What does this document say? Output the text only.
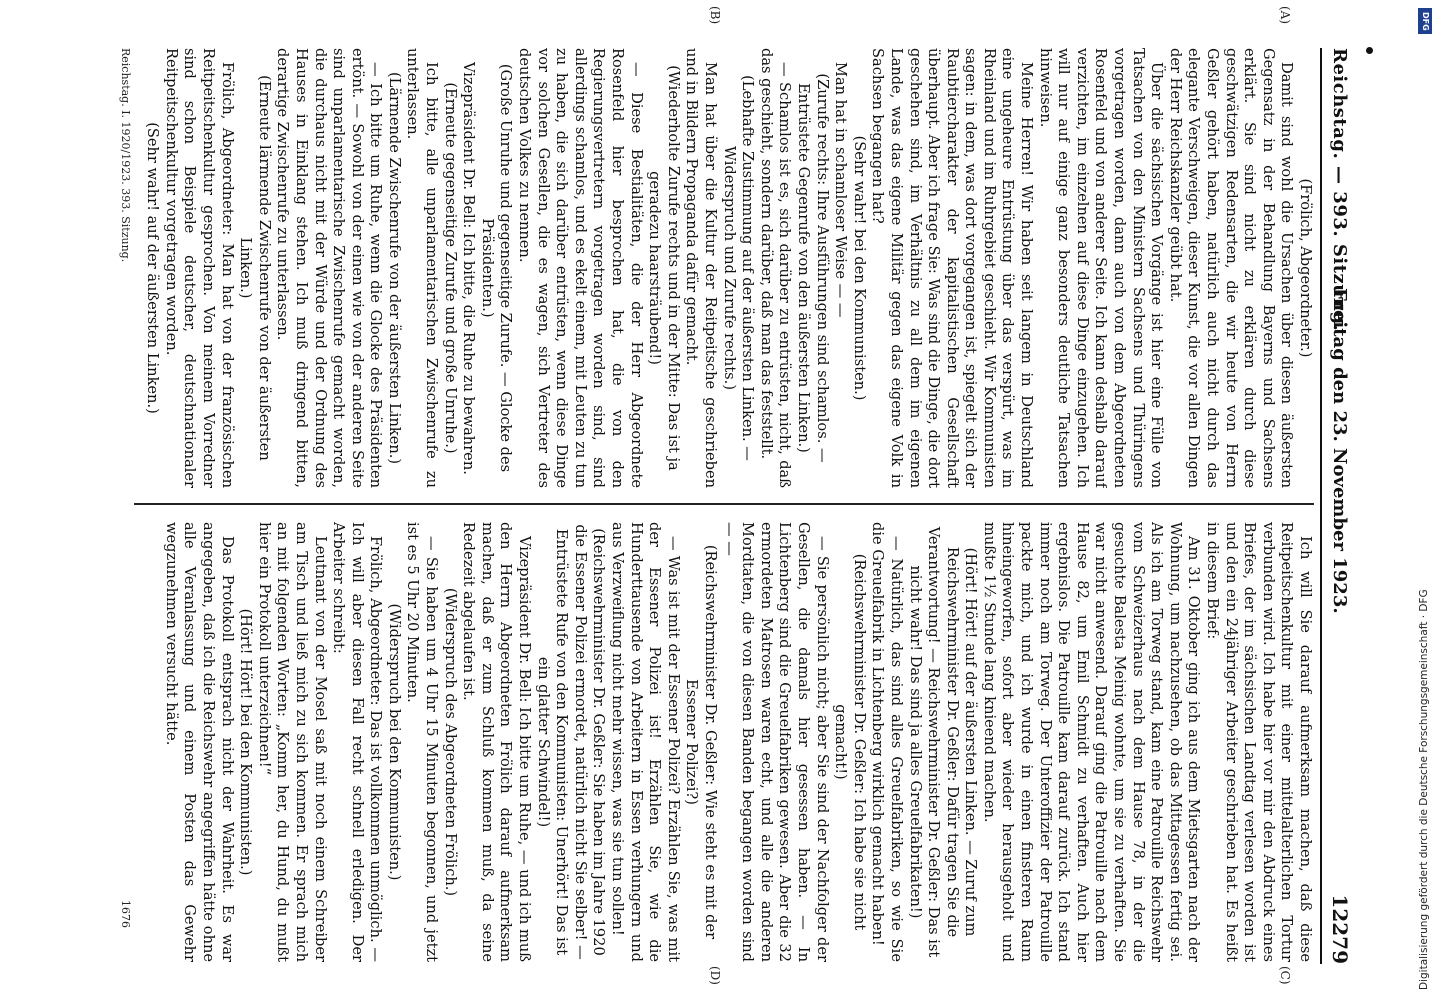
Reichstag. — 393. Sitzung.
Freitag den 23. November 1923.
12279
(A)
(B)
(C)
(D)

(Frölich, Abgeordneter.)

Damit sind wohl die Ursachen über diesen äußersten Gegensatz in der Behandlung Bayerns und Sachsens erklärt. Sie sind nicht zu erklären durch diese geschwätzigen Redensarten, die wir heute von Herrn Geßler gehört haben, natürlich auch nicht durch das elegante Verschweigen, dieser Kunst, die vor allen Dingen der Herr Reichskanzler geübt hat.

Über die sächsischen Vorgänge ist hier eine Fülle von Tatsachen von den Ministern Sachsens und Thüringens vorgetragen worden, dann auch von dem Abgeordneten Rosenfeld und von anderer Seite. Ich kann deshalb darauf verzichten, im einzelnen auf diese Dinge einzugehen. Ich will nur auf einige ganz besonders deutliche Tatsachen hinweisen.

Meine Herren! Wir haben seit langem in Deutschland eine ungeheure Entrüstung über das verspürt, was im Rheinland und im Ruhrgebiet geschieht. Wir Kommunisten sagen: in dem, was dort vorgegangen ist, spiegelt sich der Raubtiercharakter der kapitalistischen Gesellschaft überhaupt. Aber ich frage Sie: Was sind die Dinge, die dort geschehen sind, im Verhältnis zu all dem im eigenen Lande, was das eigene Militär gegen das eigene Volk in Sachsen begangen hat?

(Sehr wahr! bei den Kommunisten.)

Man hat in schamloser Weise — —

(Zurufe rechts: Ihre Ausführungen sind schamlos. — Entrüstete Gegenrufe von den äußersten Linken.)

— Schamlos ist es, sich darüber zu entrüsten, nicht, daß das geschieht, sondern darüber, daß man das feststellt.

(Lebhafte Zustimmung auf der äußersten Linken. — Widerspruch und Zurufe rechts.)

Man hat über die Kultur der Reitpeitsche geschrieben und in Bildern Propaganda dafür gemacht.

(Wiederholte Zurufe rechts und in der Mitte: Das ist ja geradezu haarsträubend!)

— Diese Bestialitäten, die der Herr Abgeordnete Rosenfeld hier besprochen hat, die von den Regierungsvertretern vorgetragen worden sind, sind allerdings schamlos, und es ekelt einem, mit Leuten zu tun zu haben, die sich darüber entrüsten, wenn diese Dinge vor solchen Gesellen, die es wagen, sich Vertreter des deutschen Volkes zu nennen.

(Große Unruhe und gegenseitige Zurufe. — Glocke des Präsidenten.)

Vizepräsident Dr. Bell: Ich bitte, die Ruhe zu bewahren.

(Erneute gegenseitige Zurufe und große Unruhe.)

Ich bitte, alle unparlamentarischen Zwischenrufe zu unterlassen.

(Lärmende Zwischenrufe von der äußersten Linken.)

— Ich bitte um Ruhe, wenn die Glocke des Präsidenten ertönt. — Sowohl von der einen wie von der anderen Seite sind unparlamentarische Zwischenrufe gemacht worden, die durchaus nicht mit der Würde und der Ordnung des Hauses in Einklang stehen. Ich muß dringend bitten, derartige Zwischenrufe zu unterlassen.

(Erneute lärmende Zwischenrufe von der äußersten Linken.)

Frölich, Abgeordneter: Man hat von der französischen Reitpeitschenkultur gesprochen. Von meinem Vorredner sind schon Beispiele deutscher, deutschnationaler Reitpeitschenkultur vorgetragen worden.

(Sehr wahr! auf der äußersten Linken.)

Ich will Sie darauf aufmerksam machen, daß diese Reitpeitschenkultur mit einer mittelalterlichen Tortur verbunden wird. Ich habe hier vor mir den Abdruck eines Briefes, der im sächsischen Landtag verlesen worden ist und den ein 24jähriger Arbeiter geschrieben hat. Es heißt in diesem Brief:

Am 31. Oktober ging ich aus dem Mietsgarten nach der Wohnung, um nachzusehen, ob das Mittagessen fertig sei. Als ich am Torweg stand, kam eine Patrouille Reichswehr vom Schweizerhaus nach dem Hause 78, in der die gesuchte Balesta Meinig wohnte, um sie zu verhaften. Sie war nicht anwesend. Darauf ging die Patrouille nach dem Hause 82, um Emil Schmidt zu verhaften. Auch hier ergebnislos. Die Patrouille kam darauf zurück. Ich stand immer noch am Torweg. Der Unteroffizier der Patrouille packte mich, und ich wurde in einen finsteren Raum hineingeworfen, sofort aber wieder herausgeholt und mußte 1½ Stunde lang knieend machen.

(Hört! Hört! auf der äußersten Linken. — Zuruf zum Reichswehrminister Dr. Geßler: Dafür tragen Sie die Verantwortung! — Reichswehrminister Dr. Geßler: Das ist nicht wahr! Das sind ja alles Greuelfabrikaten!)

— Natürlich, das sind alles Greuelfabriken, so wie Sie die Greuelfabrik in Lichtenberg wirklich gemacht haben!

(Reichswehrminister Dr. Geßler: Ich habe sie nicht gemacht!)

— Sie persönlich nicht; aber Sie sind der Nachfolger der Gesellen, die damals hier gesessen haben. — In Lichtenberg sind die Greuelfabriken gewesen. Aber die 32 ermordeten Matrosen waren echt, und alle die anderen Mordtaten, die von diesen Banden begangen worden sind — —

(Reichswehrminister Dr. Geßler: Wie steht es mit der Essener Polizei?)

— Was ist mit der Essener Polizei? Erzählen Sie, was mit der Essener Polizei ist! Erzählen Sie, wie die Hunderttausende von Arbeitern in Essen verhungern und aus Verzweiflung nicht mehr wissen, was sie tun sollen!

(Reichswehrminister Dr. Geßler: Sie haben im Jahre 1920 die Essener Polizei ermordet, natürlich nicht Sie selber! — Entrüstete Rufe von den Kommunisten: Unerhört! Das ist ein glatter Schwindel!)

Vizepräsident Dr. Bell: Ich bitte um Ruhe, — und ich muß den Herrn Abgeordneten Frölich darauf aufmerksam machen, daß er zum Schluß kommen muß, da seine Redezeit abgelaufen ist.

(Widerspruch des Abgeordneten Frölich.)

— Sie haben um 4 Uhr 15 Minuten begonnen, und jetzt ist es 5 Uhr 20 Minuten.

(Widerspruch bei den Kommunisten.)

Frölich, Abgeordneter: Das ist vollkommen unmöglich. — Ich will aber diesen Fall recht schnell erledigen. Der Arbeiter schreibt:

Leutnant von der Mosel saß mit noch einem Schreiber am Tisch und ließ mich zu sich kommen. Er sprach mich an mit folgenden Worten: „Komm her, du Hund, du mußt hier ein Protokoll unterzeichnen!“

(Hört! Hört! bei den Kommunisten.)

Das Protokoll entsprach nicht der Wahrheit. Es war angegeben, daß ich die Reichswehr angegriffen hätte ohne alle Veranlassung und einem Posten das Gewehr wegzunehmen versucht hätte.

Reichstag. I. 1920/1923. 393. Sitzung.
1676
DFG
Digitalisierung gefördert durch die Deutsche Forschungsgemeinschaft · DFG
